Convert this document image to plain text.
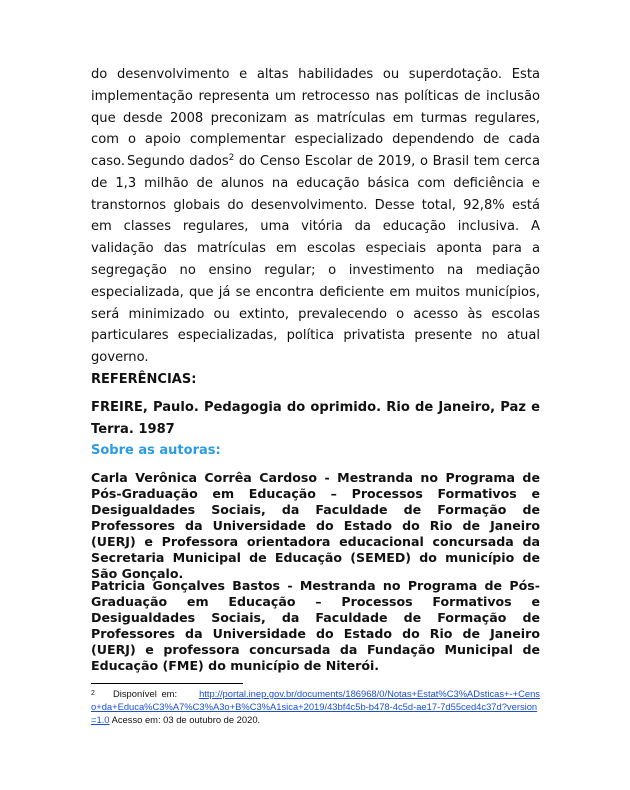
do desenvolvimento e altas habilidades ou superdotação. Esta implementação representa um retrocesso nas políticas de inclusão que desde 2008 preconizam as matrículas em turmas regulares, com o apoio complementar especializado dependendo de cada caso. Segundo dados$^2$ do Censo Escolar de 2019, o Brasil tem cerca de 1,3 milhão de alunos na educação básica com deficiência e transtornos globais do desenvolvimento. Desse total, 92,8% está em classes regulares, uma vitória da educação inclusiva. A validação das matrículas em escolas especiais aponta para a segregação no ensino regular; o investimento na mediação especializada, que já se encontra deficiente em muitos municípios, será minimizado ou extinto, prevalecendo o acesso às escolas particulares especializadas, política privatista presente no atual governo.

REFERÊNCIAS:

FREIRE, Paulo. Pedagogia do oprimido. Rio de Janeiro, Paz e Terra. 1987

Sobre as autoras:

Carla Verônica Corrêa Cardoso - Mestranda no Programa de Pós-Graduação em Educação – Processos Formativos e Desigualdades Sociais, da Faculdade de Formação de Professores da Universidade do Estado do Rio de Janeiro (UERJ) e Professora orientadora educacional concursada da Secretaria Municipal de Educação (SEMED) do município de São Gonçalo.

Patricia Gonçalves Bastos - Mestranda no Programa de Pós-Graduação em Educação – Processos Formativos e Desigualdades Sociais, da Faculdade de Formação de Professores da Universidade do Estado do Rio de Janeiro (UERJ) e professora concursada da Fundação Municipal de Educação (FME) do município de Niterói.

2 Disponível em: http://portal.inep.gov.br/documents/186968/0/Notas+Estat%C3%ADsticas+-+Censo+da+Educa%C3%A7%C3%A3o+B%C3%A1sica+2019/43bf4c5b-b478-4c5d-ae17-7d55ced4c37d?version=1.0 Acesso em: 03 de outubro de 2020.
